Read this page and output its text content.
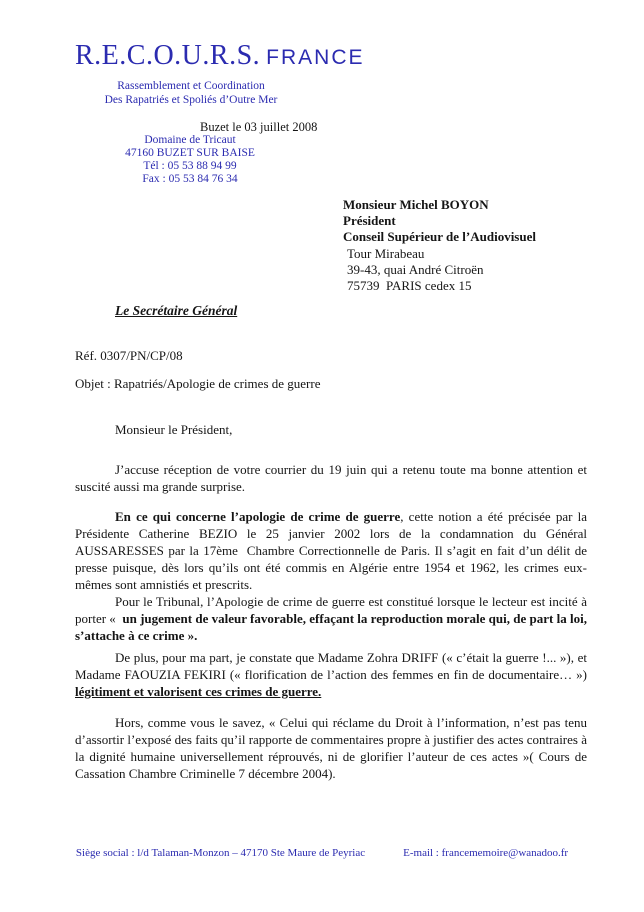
R.E.C.O.U.R.S. FRANCE
Rassemblement et Coordination
Des Rapatriés et Spoliés d’Outre Mer
Buzet le 03 juillet 2008
Domaine de Tricaut
47160 BUZET SUR BAISE
Tél : 05 53 88 94 99
Fax : 05 53 84 76 34
Monsieur Michel BOYON
Président
Conseil Supérieur de l’Audiovisuel
Tour Mirabeau
39-43, quai André Citroën
75739  PARIS cedex 15
Le Secrétaire Général
Réf. 0307/PN/CP/08
Objet : Rapatriés/Apologie de crimes de guerre

Monsieur le Président,

J’accuse réception de votre courrier du 19 juin qui a retenu toute ma bonne attention et suscité aussi ma grande surprise.

En ce qui concerne l’apologie de crime de guerre, cette notion a été précisée par la Présidente Catherine BEZIO le 25 janvier 2002 lors de la condamnation du Général AUSSARESSES par la 17ème  Chambre Correctionnelle de Paris. Il s’agit en fait d’un délit de presse puisque, dès lors qu’ils ont été commis en Algérie entre 1954 et 1962, les crimes eux-mêmes sont amnistiés et prescrits.

Pour le Tribunal, l’Apologie de crime de guerre est constitué lorsque le lecteur est incité à porter «  un jugement de valeur favorable, effaçant la reproduction morale qui, de part la loi, s’attache à ce crime ».

De plus, pour ma part, je constate que Madame Zohra DRIFF (« c’était la guerre !... »), et Madame FAOUZIA FEKIRI (« florification de l’action des femmes en fin de documentaire… ») légitiment et valorisent ces crimes de guerre.

Hors, comme vous le savez, « Celui qui réclame du Droit à l’information, n’est pas tenu d’assortir l’exposé des faits qu’il rapporte de commentaires propre à justifier des actes contraires à la dignité humaine universellement réprouvés, ni de glorifier l’auteur de ces actes »( Cours de Cassation Chambre Criminelle 7 décembre 2004).

Siège social : l/d Talaman-Monzon – 47170 Ste Maure de Peyriac	E-mail : francememoire@wanadoo.fr
